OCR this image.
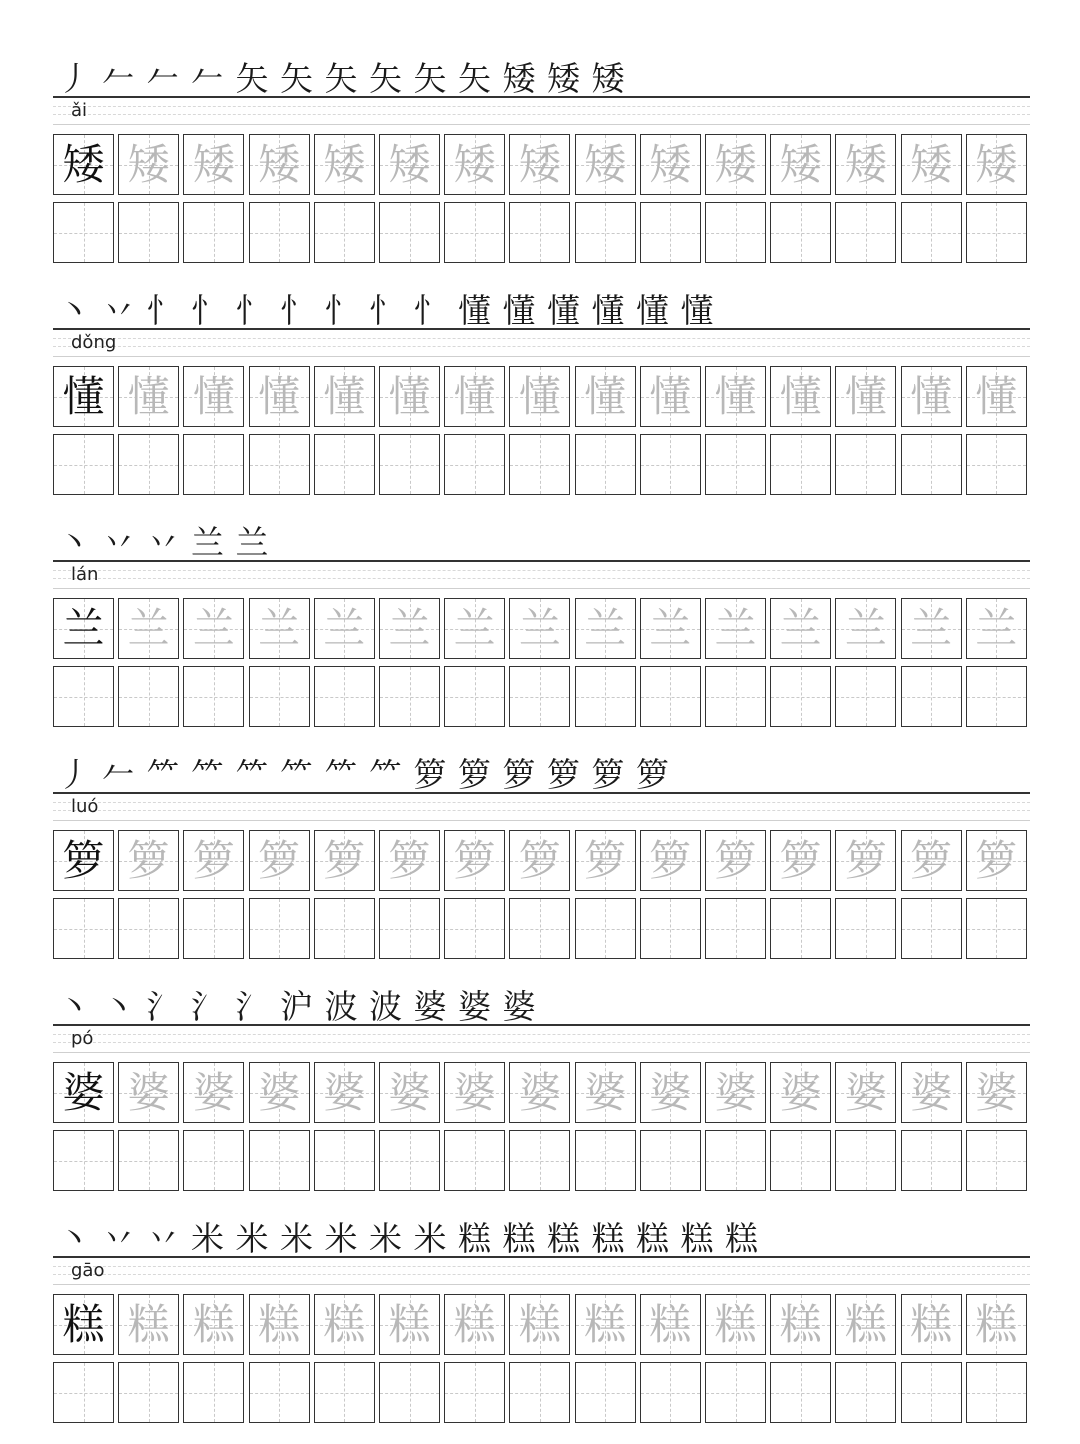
丿 𠂉 𠂉 𠂉 矢 矢 矢 矢 矢 矢 矮 矮 矮
ǎi
矮 矮 矮 矮 矮 矮 矮 矮 矮 矮 矮 矮 矮 矮 矮
丶 丷 忄 忄 忄 忄 忄 忄 忄 懂 懂 懂 懂 懂 懂
dǒng
懂 懂 懂 懂 懂 懂 懂 懂 懂 懂 懂 懂 懂 懂 懂
丶 丷 丷 兰 兰
lán
兰 兰 兰 兰 兰 兰 兰 兰 兰 兰 兰 兰 兰 兰 兰
丿 𠂉 ⺮ ⺮ ⺮ ⺮ ⺮ ⺮ 箩 箩 箩 箩 箩 箩
luó
箩 箩 箩 箩 箩 箩 箩 箩 箩 箩 箩 箩 箩 箩 箩
丶 丶 氵 氵 氵 沪 波 波 婆 婆 婆
pó
婆 婆 婆 婆 婆 婆 婆 婆 婆 婆 婆 婆 婆 婆 婆
丶 丷 丷 米 米 米 米 米 米 糕 糕 糕 糕 糕 糕 糕
gāo
糕 糕 糕 糕 糕 糕 糕 糕 糕 糕 糕 糕 糕 糕 糕
